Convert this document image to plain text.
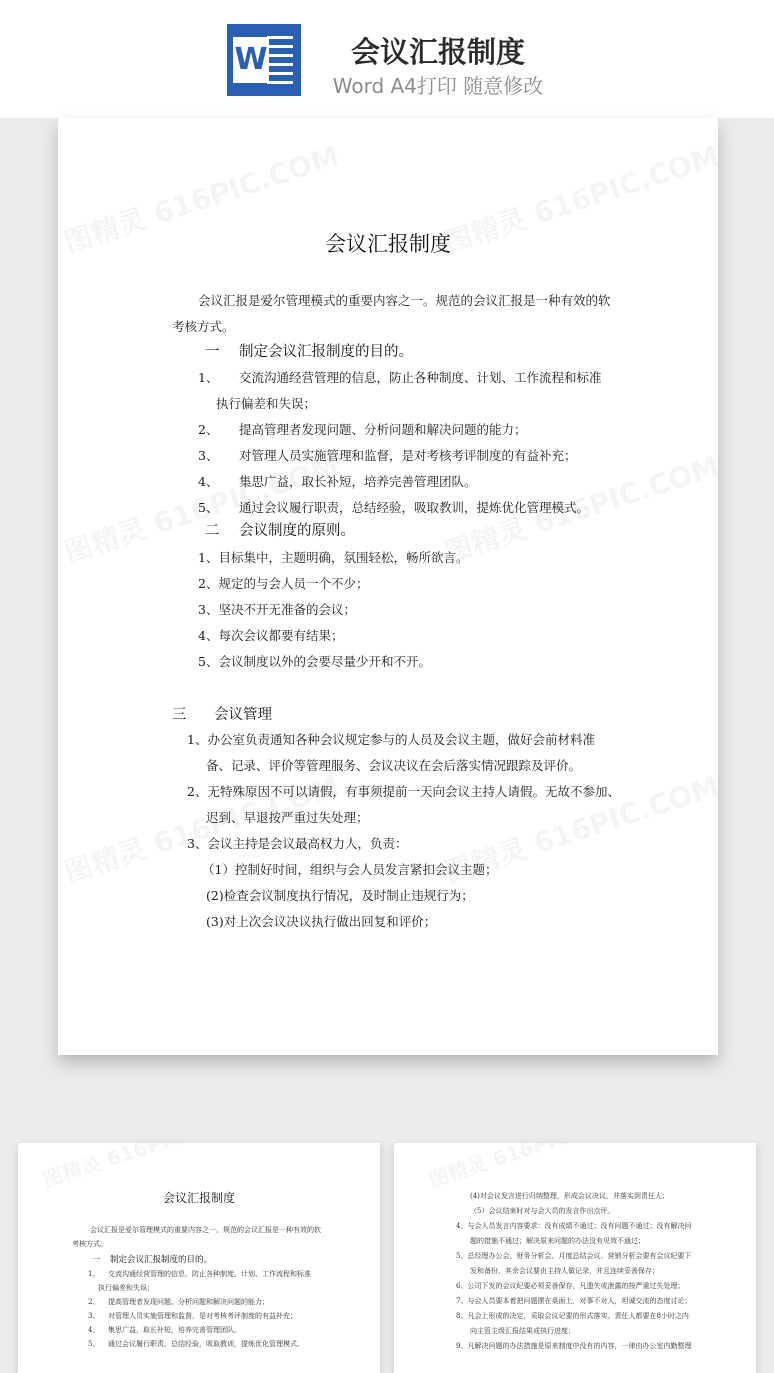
W	会议汇报制度
Word A4打印 随意修改
会议汇报制度
会议汇报是爱尔管理模式的重要内容之一。规范的会议汇报是一种有效的软
考核方式。
一 制定会议汇报制度的目的。
1、 交流沟通经营管理的信息，防止各种制度、计划、工作流程和标准
执行偏差和失误；
2、 提高管理者发现问题、分析问题和解决问题的能力；
3、 对管理人员实施管理和监督，是对考核考评制度的有益补充；
4、 集思广益，取长补短，培养完善管理团队。
5、 通过会议履行职责，总结经验，吸取教训，提炼优化管理模式。
二 会议制度的原则。
1、目标集中，主题明确，氛围轻松，畅所欲言。
2、规定的与会人员一个不少；
3、坚决不开无准备的会议；
4、每次会议都要有结果；
5、会议制度以外的会要尽量少开和不开。
三 会议管理
1、办公室负责通知各种会议规定参与的人员及会议主题，做好会前材料准
备、记录、评价等管理服务、会议决议在会后落实情况跟踪及评价。
2、无特殊原因不可以请假，有事须提前一天向会议主持人请假。无故不参加、
迟到、早退按严重过失处理；
3、会议主持是会议最高权力人，负责：
（1）控制好时间，组织与会人员发言紧扣会议主题；
(2)检查会议制度执行情况，及时制止违规行为；
(3)对上次会议决议执行做出回复和评价；
会议汇报制度
会议汇报是爱尔管理模式的重要内容之一。规范的会议汇报是一种有效的软
考核方式。
一 制定会议汇报制度的目的。
1、 交流沟通经营管理的信息，防止各种制度、计划、工作流程和标准
执行偏差和失误；
2、 提高管理者发现问题、分析问题和解决问题的能力；
3、 对管理人员实施管理和监督，是对考核考评制度的有益补充；
4、 集思广益，取长补短，培养完善管理团队。
5、 通过会议履行职责，总结经验，吸取教训，提炼优化管理模式。
(4)对会议发言进行归纳整理，形成会议决议，并落实到责任人；
（5）会议结束时对与会人员的发言作出点评。
4、与会人员发言内容要求：没有成绩不通过；没有问题不通过；没有解决问
题的措施不通过；解决原来问题的办法没有见效不通过；
5、总经理办公会、财务分析会、月度总结会议、营销分析会要有会议纪要下
发和备份，其余会议要由主持人做记录，并且连续妥善保存；
6、公司下发的会议纪要必须妥善保存，凡遗失或泄露的按严重过失处理；
7、与会人员要本着把问题摆在桌面上，对事不对人，坦诚交流的态度讨论；
8、凡会上形成的决定，采取会议记要的形式落实。责任人都要在8小时之内
向主管主级汇报结果或执行进度；
9、凡解决问题的办法措施是原来制度中没有的内容，一律由办公室内勤整理
